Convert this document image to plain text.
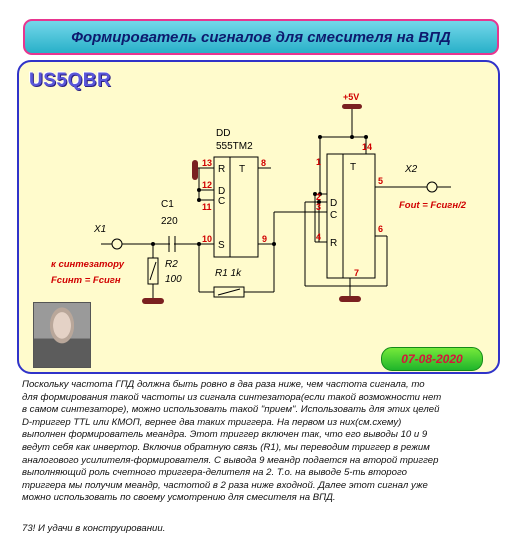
Формирователь сигналов для смесителя на ВПД
DD
555ТМ2
R T
D
C
S
T
D
C
R
C1
220
R2
100
R1 1k
X1
X2
13	8
12
11
10	9
14
1
5
2
3
4
6
7
+5V
к синтезатору
Fсинт = Fсигн
Fout = Fсигн/2
US5QBR
07-08-2020

Поскольку частота ГПД должна быть ровно в два раза ниже, чем частота сигнала, то
для формирования такой частоты из сигнала синтезатора(если такой возможности нет
в самом синтезаторе), можно использовать такой "прием". Использовать для этих целей
D-триггер TTL или КМОП, вернее два таких триггера. На первом из них(см.схему)
выполнен формирователь меандра. Этот триггер включен так, что его выводы 10 и 9
ведут себя как инвертор. Включив обратную связь (R1), мы переводим триггер в режим
аналогового усилителя-формирователя. С вывода 9 меандр подается на второй триггер
выполняющий роль счетного триггера-делителя на 2. Т.о. на выводе 5-ть второго
триггера мы получим меандр, частотой в 2 раза ниже входной. Далее этот сигнал уже
можно использовать по своему усмотрению для смесителя на ВПД.

73! И удачи в конструировании.
